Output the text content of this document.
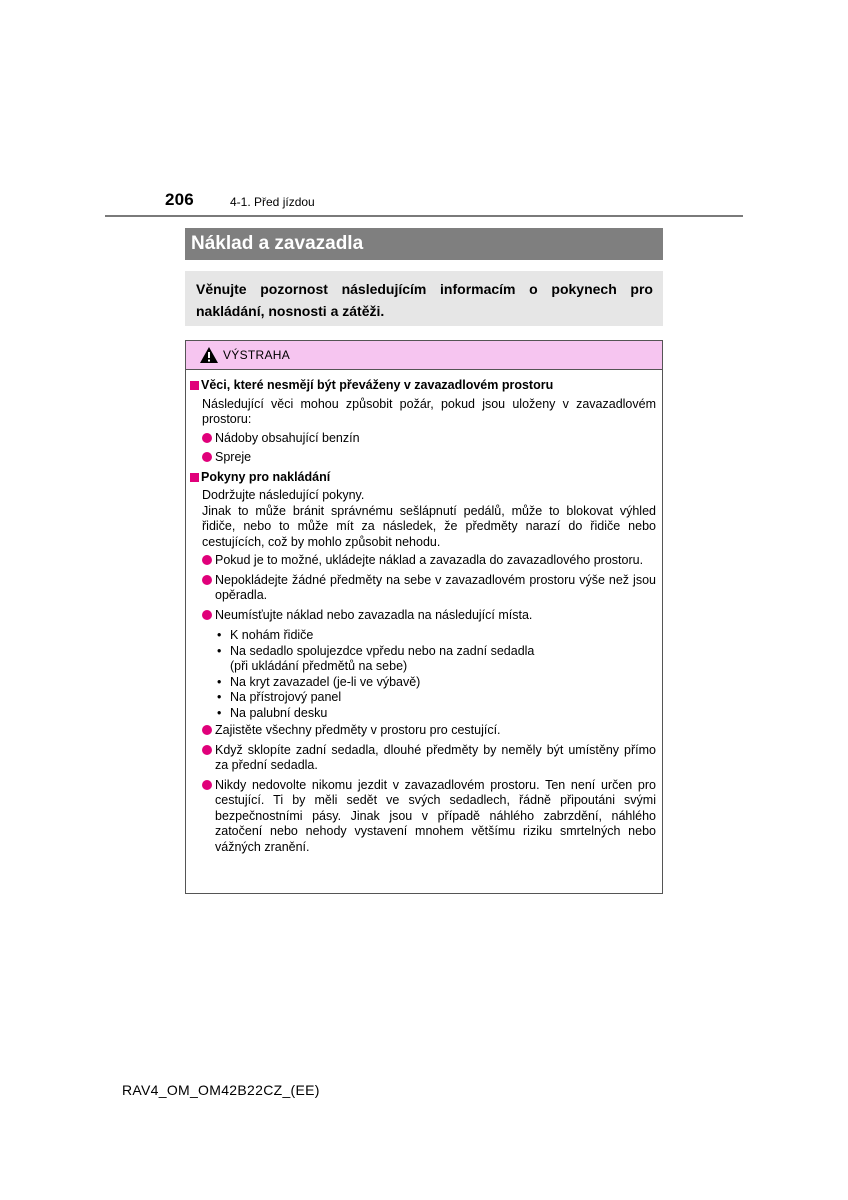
206	4-1. Před jízdou
Náklad a zavazadla
Věnujte pozornost následujícím informacím o pokynech pro nakládání, nosnosti a zátěži.
VÝSTRAHA
Věci, které nesmějí být převáženy v zavazadlovém prostoru
Následující věci mohou způsobit požár, pokud jsou uloženy v zavazadlovém prostoru:
Nádoby obsahující benzín
Spreje
Pokyny pro nakládání
Dodržujte následující pokyny.
Jinak to může bránit správnému sešlápnutí pedálů, může to blokovat výhled řidiče, nebo to může mít za následek, že předměty narazí do řidiče nebo cestujících, což by mohlo způsobit nehodu.
Pokud je to možné, ukládejte náklad a zavazadla do zavazadlového prostoru.
Nepokládejte žádné předměty na sebe v zavazadlovém prostoru výše než jsou opěradla.
Neumísťujte náklad nebo zavazadla na následující místa.
• K nohám řidiče
• Na sedadlo spolujezdce vpředu nebo na zadní sedadla
(při ukládání předmětů na sebe)
• Na kryt zavazadel (je-li ve výbavě)
• Na přístrojový panel
• Na palubní desku
Zajistěte všechny předměty v prostoru pro cestující.
Když sklopíte zadní sedadla, dlouhé předměty by neměly být umístěny přímo za přední sedadla.
Nikdy nedovolte nikomu jezdit v zavazadlovém prostoru. Ten není určen pro cestující. Ti by měli sedět ve svých sedadlech, řádně připoutáni svými bezpečnostními pásy. Jinak jsou v případě náhlého zabrzdění, náhlého zatočení nebo nehody vystavení mnohem většímu riziku smrtelných nebo vážných zranění.
RAV4_OM_OM42B22CZ_(EE)
